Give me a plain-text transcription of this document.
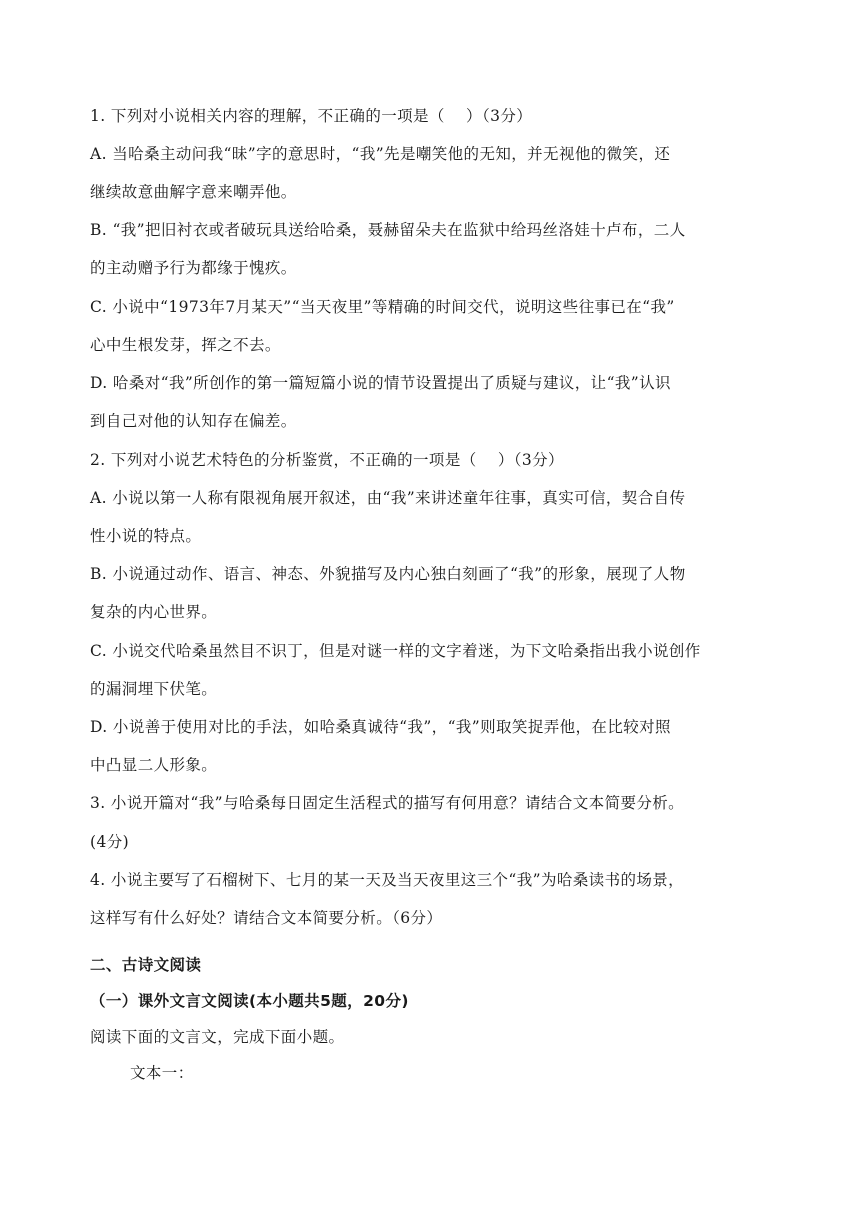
1. 下列对小说相关内容的理解，不正确的一项是（　 ）（3分）
A. 当哈桑主动问我“昧”字的意思时，“我”先是嘲笑他的无知，并无视他的微笑，还
继续故意曲解字意来嘲弄他。
B. “我”把旧衬衣或者破玩具送给哈桑，聂赫留朵夫在监狱中给玛丝洛娃十卢布，二人
的主动赠予行为都缘于愧疚。
C. 小说中“1973年7月某天”“当天夜里”等精确的时间交代，说明这些往事已在“我”
心中生根发芽，挥之不去。
D. 哈桑对“我”所创作的第一篇短篇小说的情节设置提出了质疑与建议，让“我”认识
到自己对他的认知存在偏差。
2. 下列对小说艺术特色的分析鉴赏，不正确的一项是（　 ）（3分）
A. 小说以第一人称有限视角展开叙述，由“我”来讲述童年往事，真实可信，契合自传
性小说的特点。
B. 小说通过动作、语言、神态、外貌描写及内心独白刻画了“我”的形象，展现了人物
复杂的内心世界。
C. 小说交代哈桑虽然目不识丁，但是对谜一样的文字着迷，为下文哈桑指出我小说创作
的漏洞埋下伏笔。
D. 小说善于使用对比的手法，如哈桑真诚待“我”，“我”则取笑捉弄他，在比较对照
中凸显二人形象。
3. 小说开篇对“我”与哈桑每日固定生活程式的描写有何用意？请结合文本简要分析。
(4分)
4. 小说主要写了石榴树下、七月的某一天及当天夜里这三个“我”为哈桑读书的场景，
这样写有什么好处？请结合文本简要分析。（6分）
二、古诗文阅读
（一）课外文言文阅读(本小题共5题，20分)
阅读下面的文言文，完成下面小题。
文本一：
